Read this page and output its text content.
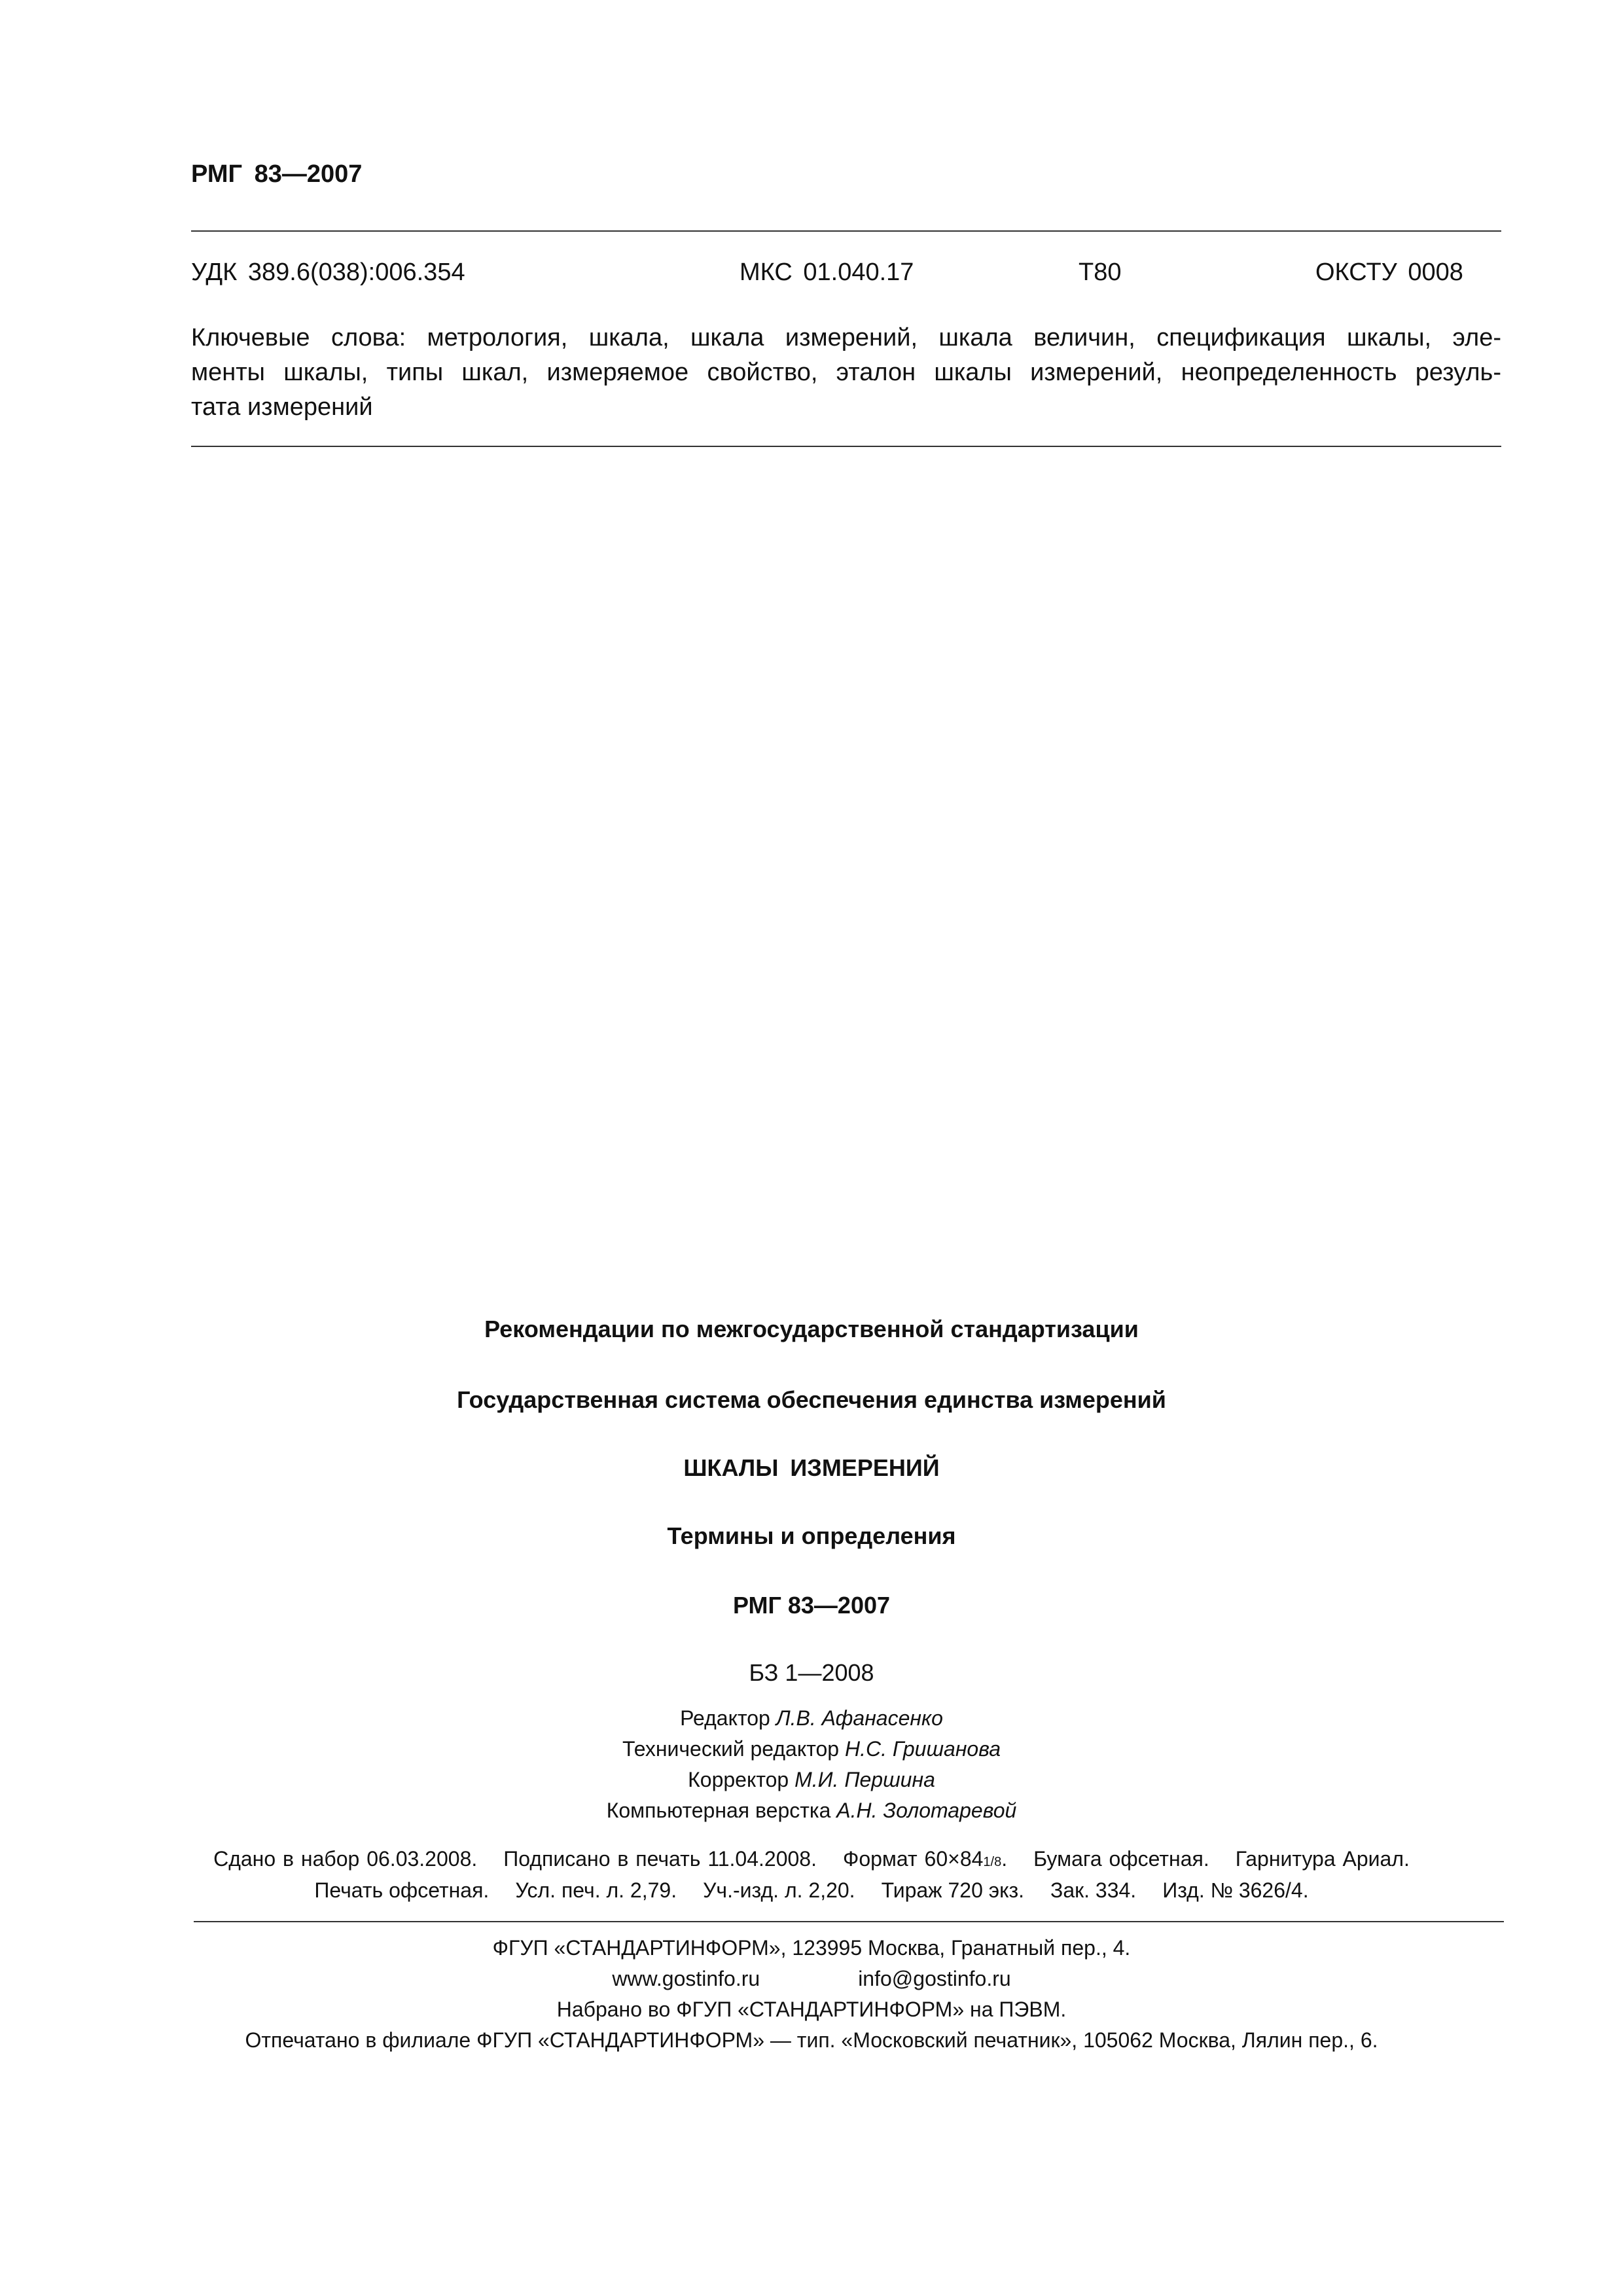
РМГ 83—2007
УДК 389.6(038):006.354	МКС 01.040.17	Т80	ОКСТУ 0008
Ключевые слова: метрология, шкала, шкала измерений, шкала величин, спецификация шкалы, эле-
менты шкалы, типы шкал, измеряемое свойство, эталон шкалы измерений, неопределенность резуль-
тата измерений
Рекомендации по межгосударственной стандартизации
Государственная система обеспечения единства измерений
ШКАЛЫ ИЗМЕРЕНИЙ
Термины и определения
РМГ 83—2007
БЗ 1—2008
Редактор Л.В. Афанасенко
Технический редактор Н.С. Гришанова
Корректор М.И. Першина
Компьютерная верстка А.Н. Золотаревой
Сдано в набор 06.03.2008. Подписано в печать 11.04.2008. Формат 60×841/8. Бумага офсетная. Гарнитура Ариал.
Печать офсетная. Усл. печ. л. 2,79. Уч.-изд. л. 2,20. Тираж 720 экз. Зак. 334. Изд. № 3626/4.
ФГУП «СТАНДАРТИНФОРМ», 123995 Москва, Гранатный пер., 4.
www.gostinfo.ru	info@gostinfo.ru
Набрано во ФГУП «СТАНДАРТИНФОРМ» на ПЭВМ.
Отпечатано в филиале ФГУП «СТАНДАРТИНФОРМ» — тип. «Московский печатник», 105062 Москва, Лялин пер., 6.
